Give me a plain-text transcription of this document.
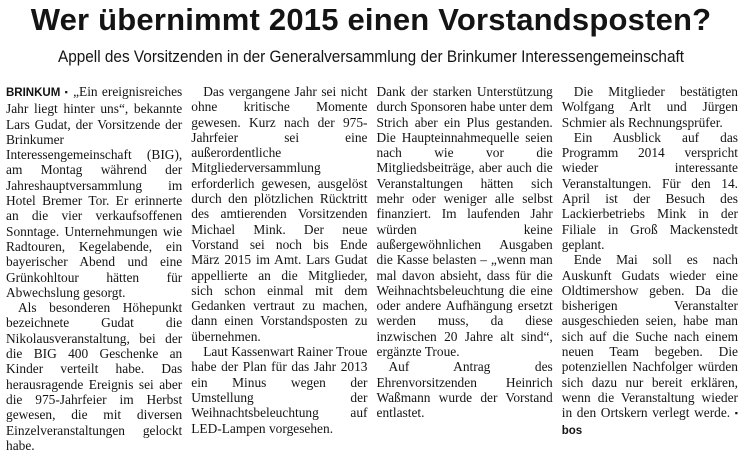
Wer übernimmt 2015 einen Vorstandsposten?
Appell des Vorsitzenden in der Generalversammlung der Brinkumer Interessengemeinschaft

BRINKUM ▪ „Ein ereignisreiches Jahr liegt hinter uns“, bekannte Lars Gudat, der Vorsitzende der Brinkumer Interessengemeinschaft (BIG), am Montag während der Jahreshauptversammlung im Hotel Bremer Tor. Er erinnerte an die vier verkaufsoffenen Sonntage. Unternehmungen wie Radtouren, Kegelabende, ein bayerischer Abend und eine Grünkohltour hätten für Abwechslung gesorgt.

Als besonderen Höhepunkt bezeichnete Gudat die Nikolausveranstaltung, bei der die BIG 400 Geschenke an Kinder verteilt habe. Das herausragende Ereignis sei aber die 975-Jahrfeier im Herbst gewesen, die mit diversen Einzelveranstaltungen gelockt habe.

Das vergangene Jahr sei nicht ohne kritische Momente gewesen. Kurz nach der 975-Jahrfeier sei eine außerordentliche Mitgliederversammlung erforderlich gewesen, ausgelöst durch den plötzlichen Rücktritt des amtierenden Vorsitzenden Michael Mink. Der neue Vorstand sei noch bis Ende März 2015 im Amt. Lars Gudat appellierte an die Mitglieder, sich schon einmal mit dem Gedanken vertraut zu machen, dann einen Vorstandsposten zu übernehmen.

Laut Kassenwart Rainer Troue habe der Plan für das Jahr 2013 ein Minus wegen der Umstellung der Weihnachtsbeleuchtung auf LED-Lampen vorgesehen.

Dank der starken Unterstützung durch Sponsoren habe unter dem Strich aber ein Plus gestanden. Die Haupteinnahmequelle seien nach wie vor die Mitgliedsbeiträge, aber auch die Veranstaltungen hätten sich mehr oder weniger alle selbst finanziert. Im laufenden Jahr würden keine außergewöhnlichen Ausgaben die Kasse belasten – „wenn man mal davon absieht, dass für die Weihnachtsbeleuchtung die eine oder andere Aufhängung ersetzt werden muss, da diese inzwischen 20 Jahre alt sind“, ergänzte Troue.

Auf Antrag des Ehrenvorsitzenden Heinrich Waßmann wurde der Vorstand entlastet.

Die Mitglieder bestätigten Wolfgang Arlt und Jürgen Schmier als Rechnungsprüfer.

Ein Ausblick auf das Programm 2014 verspricht wieder interessante Veranstaltungen. Für den 14. April ist der Besuch des Lackierbetriebs Mink in der Filiale in Groß Mackenstedt geplant.

Ende Mai soll es nach Auskunft Gudats wieder eine Oldtimershow geben. Da die bisherigen Veranstalter ausgeschieden seien, habe man sich auf die Suche nach einem neuen Team begeben. Die potenziellen Nachfolger würden sich dazu nur bereit erklären, wenn die Veranstaltung wieder in den Ortskern verlegt werde. ▪ bos
